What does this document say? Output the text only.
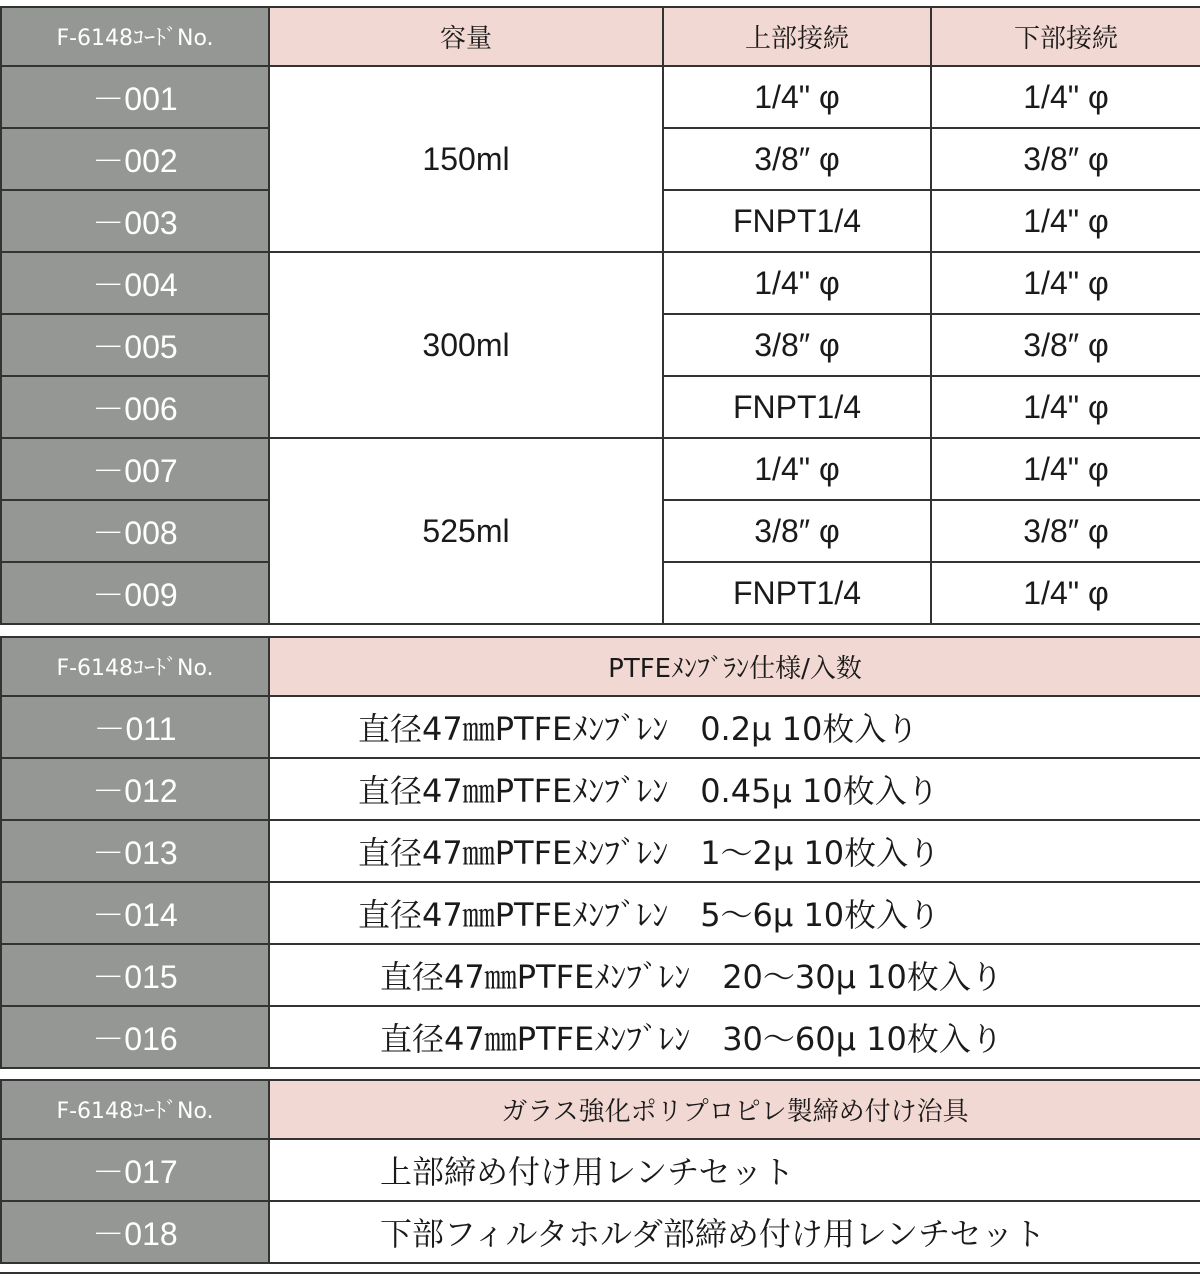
F-6148ｺｰﾄﾞNo.	容量	上部接続	下部接続
－001	150ml	1/4" φ	1/4" φ
－002		3/8″ φ	3/8″ φ
－003		FNPT1/4	1/4" φ
－004	300ml	1/4" φ	1/4" φ
－005		3/8″ φ	3/8″ φ
－006		FNPT1/4	1/4" φ
－007	525ml	1/4" φ	1/4" φ
－008		3/8″ φ	3/8″ φ
－009		FNPT1/4	1/4" φ
F-6148ｺｰﾄﾞNo.	PTFEﾒﾝﾌﾞﾗﾝ仕様/入数
－011	直径47㎜PTFEﾒﾝﾌﾞﾚﾝ　0.2μ 10枚入り
－012	直径47㎜PTFEﾒﾝﾌﾞﾚﾝ　0.45μ 10枚入り
－013	直径47㎜PTFEﾒﾝﾌﾞﾚﾝ　1～2μ 10枚入り
－014	直径47㎜PTFEﾒﾝﾌﾞﾚﾝ　5～6μ 10枚入り
－015	直径47㎜PTFEﾒﾝﾌﾞﾚﾝ　20～30μ 10枚入り
－016	直径47㎜PTFEﾒﾝﾌﾞﾚﾝ　30～60μ 10枚入り
F-6148ｺｰﾄﾞNo.	ガラス強化ポリプロピレ製締め付け治具
－017	上部締め付け用レンチセット
－018	下部フィルタホルダ部締め付け用レンチセット
